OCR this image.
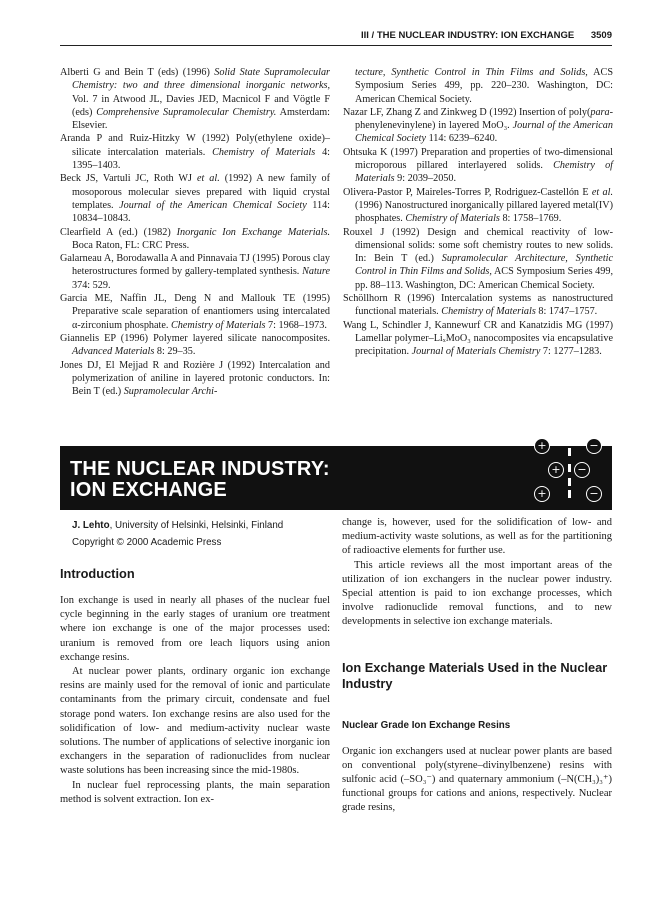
III / THE NUCLEAR INDUSTRY: ION EXCHANGE 3509

Alberti G and Bein T (eds) (1996) Solid State Supramolecular Chemistry: two and three dimensional inorganic networks, Vol. 7 in Atwood JL, Davies JED, Macnicol F and Vögtle F (eds) Comprehensive Supramolecular Chemistry. Amsterdam: Elsevier.

Aranda P and Ruiz-Hitzky W (1992) Poly(ethylene oxide)–silicate intercalation materials. Chemistry of Materials 4: 1395–1403.

Beck JS, Vartuli JC, Roth WJ et al. (1992) A new family of mosoporous molecular sieves prepared with liquid crystal templates. Journal of the American Chemical Society 114: 10834–10843.

Clearfield A (ed.) (1982) Inorganic Ion Exchange Materials. Boca Raton, FL: CRC Press.

Galarneau A, Borodawalla A and Pinnavaia TJ (1995) Porous clay heterostructures formed by gallery-templated synthesis. Nature 374: 529.

Garcia ME, Naffin JL, Deng N and Mallouk TE (1995) Preparative scale separation of enantiomers using intercalated α-zirconium phosphate. Chemistry of Materials 7: 1968–1973.

Giannelis EP (1996) Polymer layered silicate nanocomposites. Advanced Materials 8: 29–35.

Jones DJ, El Mejjad R and Rozière J (1992) Intercalation and polymerization of aniline in layered protonic conductors. In: Bein T (ed.) Supramolecular Archi-

tecture, Synthetic Control in Thin Films and Solids, ACS Symposium Series 499, pp. 220–230. Washington, DC: American Chemical Society.

Nazar LF, Zhang Z and Zinkweg D (1992) Insertion of poly(para-phenylenevinylene) in layered MoO₃. Journal of the American Chemical Society 114: 6239–6240.

Ohtsuka K (1997) Preparation and properties of two-dimensional microporous pillared interlayered solids. Chemistry of Materials 9: 2039–2050.

Olivera-Pastor P, Maireles-Torres P, Rodriguez-Castellón E et al. (1996) Nanostructured inorganically pillared layered metal(IV) phosphates. Chemistry of Materials 8: 1758–1769.

Rouxel J (1992) Design and chemical reactivity of low-dimensional solids: some soft chemistry routes to new solids. In: Bein T (ed.) Supramolecular Architecture, Synthetic Control in Thin Films and Solids, ACS Symposium Series 499, pp. 88–113. Washington, DC: American Chemical Society.

Schöllhorn R (1996) Intercalation systems as nanostructured functional materials. Chemistry of Materials 8: 1747–1757.

Wang L, Schindler J, Kannewurf CR and Kanatzidis MG (1997) Lamellar polymer–LiₓMoO₃ nanocomposites via encapsulative precipitation. Journal of Materials Chemistry 7: 1277–1283.

THE NUCLEAR INDUSTRY:
ION EXCHANGE
+	−
+	−
+	−
J. Lehto, University of Helsinki, Helsinki, Finland
Copyright © 2000 Academic Press
Introduction

Ion exchange is used in nearly all phases of the nuclear fuel cycle beginning in the early stages of uranium ore treatment where ion exchange is one of the major processes used: uranium is removed from ore leach liquors using anion exchange resins.

At nuclear power plants, ordinary organic ion exchange resins are mainly used for the removal of ionic and particulate contaminants from the primary circuit, condensate and fuel storage pond waters. Ion exchange resins are also used for the solidification of low- and medium-activity nuclear waste solutions. The number of applications of selective inorganic ion exchangers in the separation of radionuclides from nuclear waste solutions has been increasing since the mid-1980s.

In nuclear fuel reprocessing plants, the main separation method is solvent extraction. Ion ex-

change is, however, used for the solidification of low- and medium-activity waste solutions, as well as for the partitioning of radioactive elements for further use.

This article reviews all the most important areas of the utilization of ion exchangers in the nuclear power industry. Special attention is paid to ion exchange processes, which involve radionuclide removal functions, and to new developments in selective ion exchange materials.

Ion Exchange Materials Used in the Nuclear Industry
Nuclear Grade Ion Exchange Resins

Organic ion exchangers used at nuclear power plants are based on conventional poly(styrene–divinylbenzene) resins with sulfonic acid (–SO₃⁻) and quaternary ammonium (–N(CH₃)₃⁺) functional groups for cations and anions, respectively. Nuclear grade resins,
